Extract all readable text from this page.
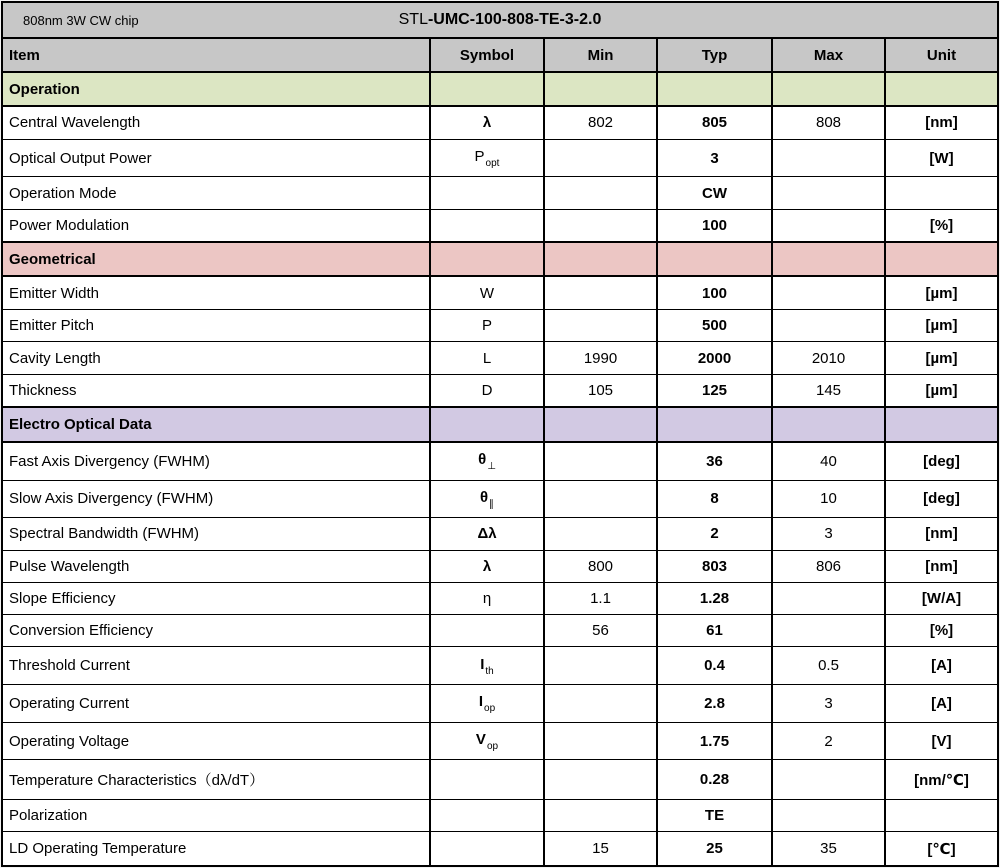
808nm 3W CW chip	STL-UMC-100-808-TE-3-2.0
Item	Symbol	Min	Typ	Max	Unit
Operation					
Central Wavelength	λ	802	805	808	[nm]
Optical Output Power	$P_{opt}$		3		[W]
Operation Mode			CW		
Power Modulation			100		[%]
Geometrical					
Emitter Width	W		100		[µm]
Emitter Pitch	P		500		[µm]
Cavity Length	L	1990	2000	2010	[µm]
Thickness	D	105	125	145	[µm]
Electro Optical Data					
Fast Axis Divergency (FWHM)	$\theta_\perp$		36	40	[deg]
Slow Axis Divergency (FWHM)	$\theta_\parallel$		8	10	[deg]
Spectral Bandwidth (FWHM)	Δλ		2	3	[nm]
Pulse Wavelength	λ	800	803	806	[nm]
Slope Efficiency	η	1.1	1.28		[W/A]
Conversion Efficiency		56	61		[%]
Threshold Current	$I_{th}$		0.4	0.5	[A]
Operating Current	$I_{op}$		2.8	3	[A]
Operating Voltage	$V_{op}$		1.75	2	[V]
Temperature Characteristics（dλ/dT）			0.28		[nm/℃]
Polarization			TE		
LD Operating Temperature		15	25	35	[℃]
